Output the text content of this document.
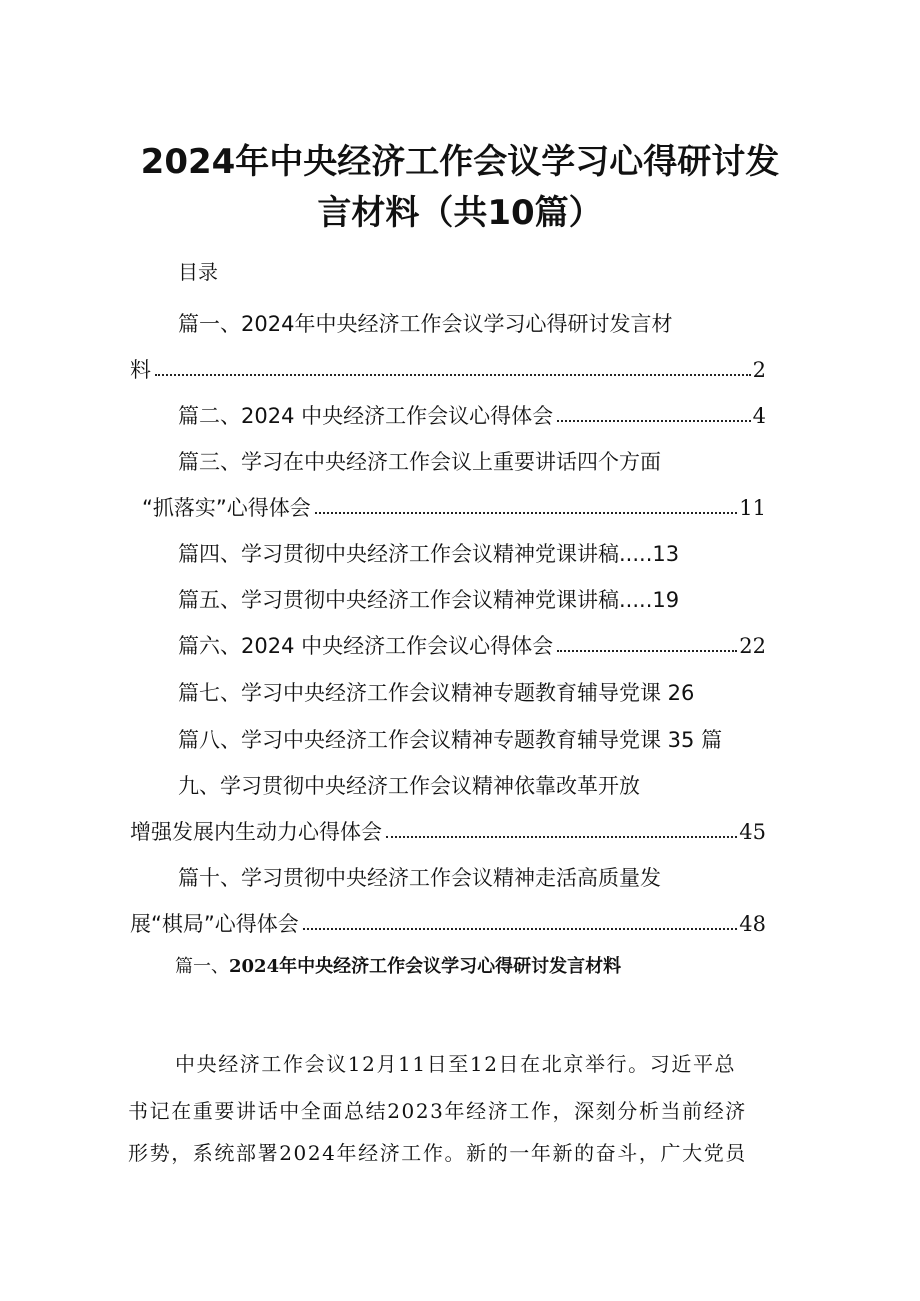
2024年中央经济工作会议学习心得研讨发
言材料（共10篇）
目录
篇一、2024年中央经济工作会议学习心得研讨发言材
料	2
篇二、2024 中央经济工作会议心得体会	4
篇三、学习在中央经济工作会议上重要讲话四个方面
“抓落实”心得体会	11
篇四、学习贯彻中央经济工作会议精神党课讲稿.....13
篇五、学习贯彻中央经济工作会议精神党课讲稿.....19
篇六、2024 中央经济工作会议心得体会	22
篇七、学习中央经济工作会议精神专题教育辅导党课 26
篇八、学习中央经济工作会议精神专题教育辅导党课 35 篇
九、学习贯彻中央经济工作会议精神依靠改革开放
增强发展内生动力心得体会	45
篇十、学习贯彻中央经济工作会议精神走活高质量发
展“棋局”心得体会	48
篇一、2024年中央经济工作会议学习心得研讨发言材料
中央经济工作会议12月11日至12日在北京举行。习近平总
书记在重要讲话中全面总结2023年经济工作，深刻分析当前经济
形势，系统部署2024年经济工作。新的一年新的奋斗，广大党员
